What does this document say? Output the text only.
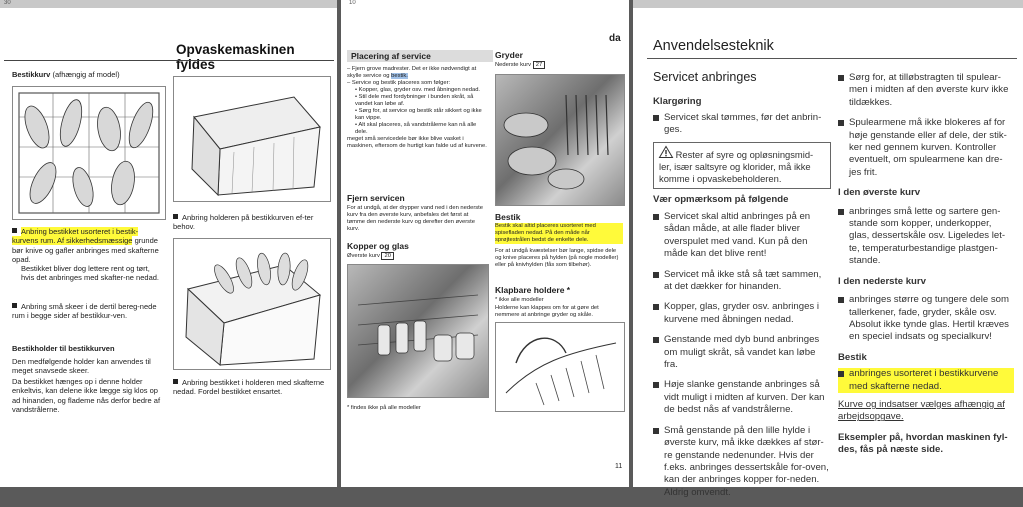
30
Opvaskemaskinen fyldes
Bestikkurv (afhængig af model)
Anbring bestikket usorteret i bestik-kurvens rum. Af sikkerhedsmæssige grunde bør knive og gafler anbringes med skafterne opad.
Bestikket bliver dog lettere rent og tørt, hvis det anbringes med skafter-ne nedad.
Anbring små skeer i de dertil bereg-nede rum i begge sider af bestikkur-ven.
Bestikholder til bestikkurven
Den medfølgende holder kan anvendes til meget snavsede skeer.
Da bestikket hænges op i denne holder enkeltvis, kan delene ikke lægge sig klos op ad hinanden, og flademe nås derfor bedre af vandstrålerne.
Anbring holderen på bestikkurven ef-ter behov.
Anbring bestikket i holderen med skafterne nedad. Fordel bestikket ensartet.
10
da
Placering af service
– Fjern grove madrester. Det er ikke nødvendigt at skylle service og bestik.
– Service og bestik placeres som følger:
• Kopper, glas, gryder osv. med åbningen nedad.
• Stil dele med fordybninger i bunden skråt, så vandet kan løbe af.
• Sørg for, at service og bestik står sikkert og ikke kan vippe.
• Alt skal placeres, så vandstrålerne kan nå alle dele.
meget små servicedele bør ikke blive vasket i maskinen, eftersom de hurtigt kan falde ud af kurvene.
Fjern servicen
For at undgå, at der drypper vand ned i den nederste kurv fra den øverste kurv, anbefales det først at tømme den nederste kurv og derefter den øverste kurv.
Kopper og glas
Øverste kurv 20
* findes ikke på alle modeller
Gryder
Nederste kurv 27
Bestik
Bestik skal altid placeres usorteret med spisefladen nedad. På den måde når sprøjtestrålen bedst de enkelte dele.
For at undgå kvæstelser bør lange, spidse dele og knive placeres på hylden (på nogle modeller) eller på knivhylden (fås som tilbehør).
Klapbare holdere *
* ikke alle modeller
Holderne kan klappes om for at gøre det nemmere at anbringe gryder og skåle.
11
Anvendelsesteknik
Servicet anbringes
Klargøring
Servicet skal tømmes, før det anbrin-ges.
Rester af syre og opløsningsmid-ler, især saltsyre og klorider, må ikke komme i opvaskebeholderen.
Vær opmærksom på følgende
Servicet skal altid anbringes på en sådan måde, at alle flader bliver overspulet med vand. Kun på den måde kan det blive rent!
Servicet må ikke stå så tæt sammen, at det dækker for hinanden.
Kopper, glas, gryder osv. anbringes i kurvene med åbningen nedad.
Genstande med dyb bund anbringes om muligt skråt, så vandet kan løbe fra.
Høje slanke genstande anbringes så vidt muligt i midten af kurven. Der kan de bedst nås af vandstrålerne.
Små genstande på den lille hylde i øverste kurv, må ikke dækkes af stør-re genstande nedenunder. Hvis der f.eks. anbringes dessertskåle for-oven, kan der anbringes kopper for-neden. Aldrig omvendt.
Sørg for, at tilløbstragten til spulear-men i midten af den øverste kurv ikke tildækkes.
Spulearmene må ikke blokeres af for høje genstande eller af dele, der stik-ker ned gennem kurven. Kontroller eventuelt, om spulearmene kan dre-jes frit.
I den øverste kurv
anbringes små lette og sartere gen-stande som kopper, underkopper, glas, dessertskåle osv. Ligeledes let-te, temperaturbestandige plastgen-stande.
I den nederste kurv
anbringes større og tungere dele som tallerkener, fade, gryder, skåle osv. Absolut ikke tynde glas. Hertil kræves en speciel indsats og specialkurv!
Bestik
anbringes usorteret i bestikkurvene med skafterne nedad.
Kurve og indsatser vælges afhængig af arbejdsopgave.
Eksempler på, hvordan maskinen fyl-des, fås på næste side.
